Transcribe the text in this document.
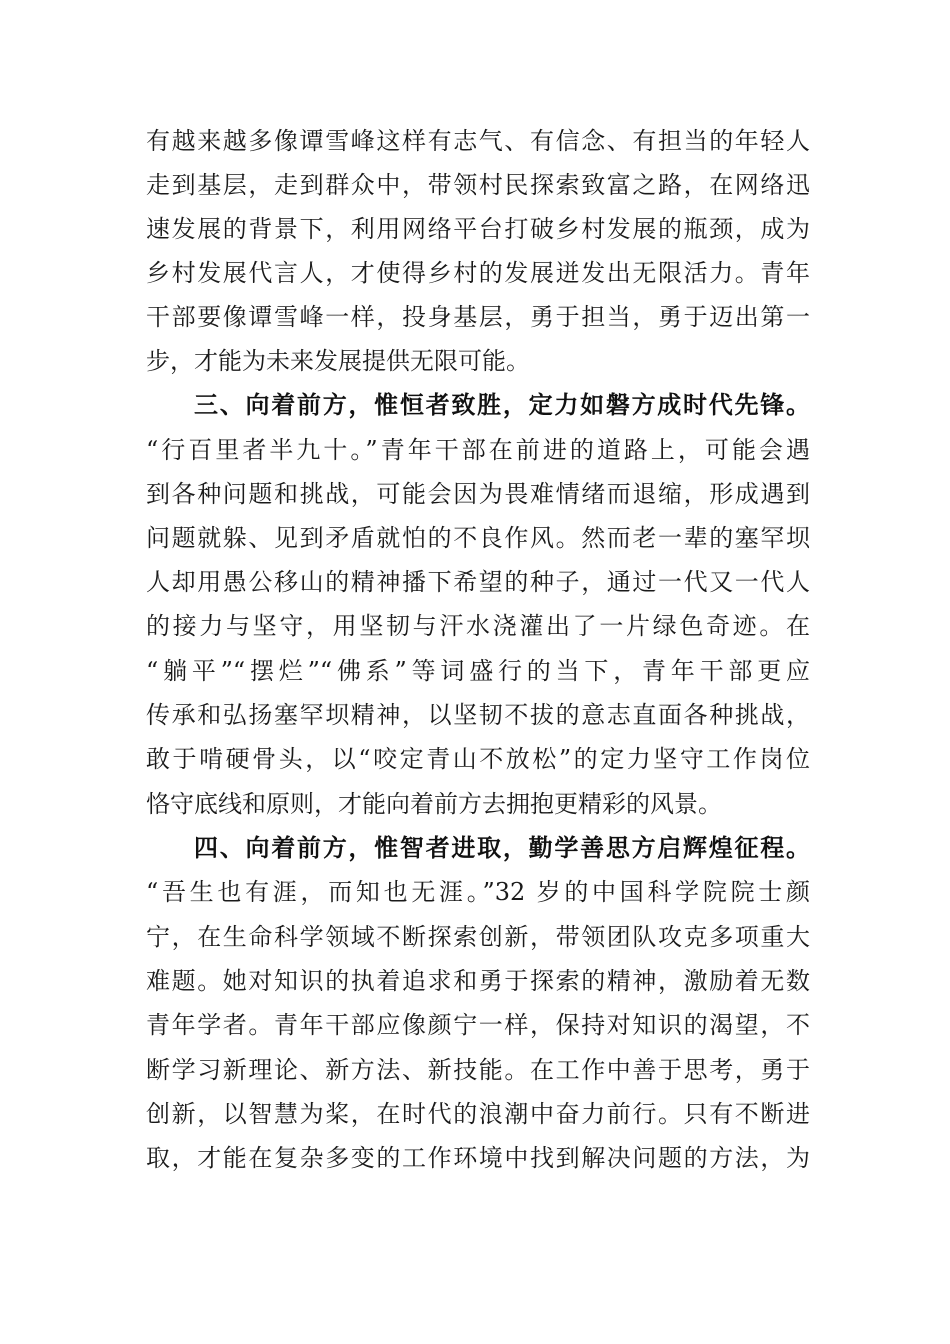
有越来越多像谭雪峰这样有志气、有信念、有担当的年轻人
走到基层，走到群众中，带领村民探索致富之路，在网络迅
速发展的背景下，利用网络平台打破乡村发展的瓶颈，成为
乡村发展代言人，才使得乡村的发展迸发出无限活力。青年
干部要像谭雪峰一样，投身基层，勇于担当，勇于迈出第一
步，才能为未来发展提供无限可能。
三、向着前方，惟恒者致胜，定力如磐方成时代先锋。
“行百里者半九十。”青年干部在前进的道路上，可能会遇
到各种问题和挑战，可能会因为畏难情绪而退缩，形成遇到
问题就躲、见到矛盾就怕的不良作风。然而老一辈的塞罕坝
人却用愚公移山的精神播下希望的种子，通过一代又一代人
的接力与坚守，用坚韧与汗水浇灌出了一片绿色奇迹。在
“躺平”“摆烂”“佛系”等词盛行的当下，青年干部更应
传承和弘扬塞罕坝精神，以坚韧不拔的意志直面各种挑战，
敢于啃硬骨头，以“咬定青山不放松”的定力坚守工作岗位
恪守底线和原则，才能向着前方去拥抱更精彩的风景。
四、向着前方，惟智者进取，勤学善思方启辉煌征程。
“吾生也有涯，而知也无涯。”32 岁的中国科学院院士颜
宁，在生命科学领域不断探索创新，带领团队攻克多项重大
难题。她对知识的执着追求和勇于探索的精神，激励着无数
青年学者。青年干部应像颜宁一样，保持对知识的渴望，不
断学习新理论、新方法、新技能。在工作中善于思考，勇于
创新，以智慧为桨，在时代的浪潮中奋力前行。只有不断进
取，才能在复杂多变的工作环境中找到解决问题的方法，为
